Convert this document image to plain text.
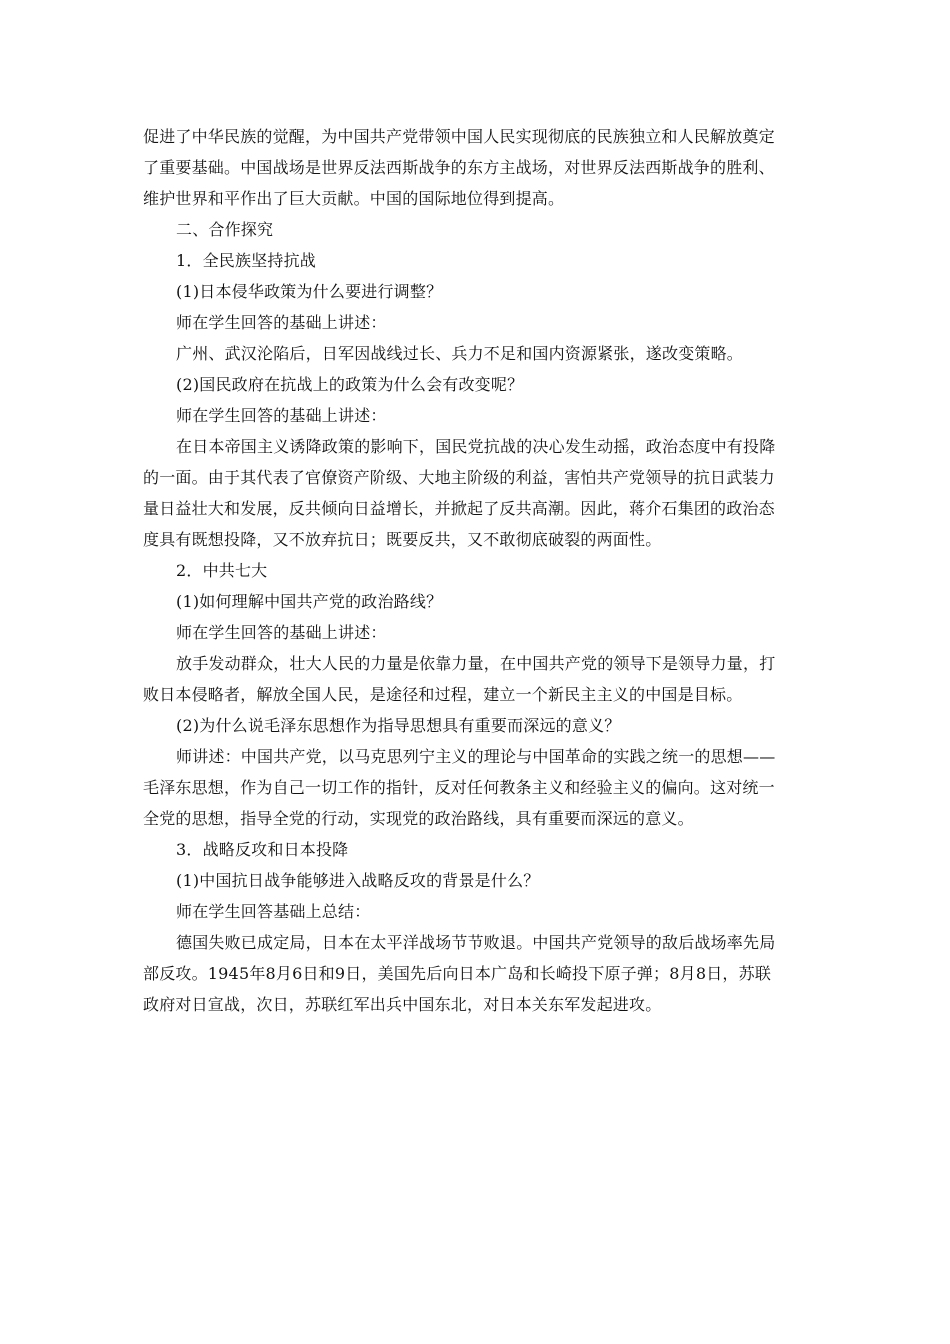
促进了中华民族的觉醒，为中国共产党带领中国人民实现彻底的民族独立和人民解放奠定
了重要基础。中国战场是世界反法西斯战争的东方主战场，对世界反法西斯战争的胜利、
维护世界和平作出了巨大贡献。中国的国际地位得到提高。
二、合作探究
1．全民族坚持抗战
(1)日本侵华政策为什么要进行调整？
师在学生回答的基础上讲述：
广州、武汉沦陷后，日军因战线过长、兵力不足和国内资源紧张，遂改变策略。
(2)国民政府在抗战上的政策为什么会有改变呢？
师在学生回答的基础上讲述：
在日本帝国主义诱降政策的影响下，国民党抗战的决心发生动摇，政治态度中有投降
的一面。由于其代表了官僚资产阶级、大地主阶级的利益，害怕共产党领导的抗日武装力
量日益壮大和发展，反共倾向日益增长，并掀起了反共高潮。因此，蒋介石集团的政治态
度具有既想投降，又不放弃抗日；既要反共，又不敢彻底破裂的两面性。
2．中共七大
(1)如何理解中国共产党的政治路线？
师在学生回答的基础上讲述：
放手发动群众，壮大人民的力量是依靠力量，在中国共产党的领导下是领导力量，打
败日本侵略者，解放全国人民，是途径和过程，建立一个新民主主义的中国是目标。
(2)为什么说毛泽东思想作为指导思想具有重要而深远的意义？
师讲述：中国共产党，以马克思列宁主义的理论与中国革命的实践之统一的思想——
毛泽东思想，作为自己一切工作的指针，反对任何教条主义和经验主义的偏向。这对统一
全党的思想，指导全党的行动，实现党的政治路线，具有重要而深远的意义。
3．战略反攻和日本投降
(1)中国抗日战争能够进入战略反攻的背景是什么？
师在学生回答基础上总结：
德国失败已成定局，日本在太平洋战场节节败退。中国共产党领导的敌后战场率先局
部反攻。1945年8月6日和9日，美国先后向日本广岛和长崎投下原子弹；8月8日，苏联
政府对日宣战，次日，苏联红军出兵中国东北，对日本关东军发起进攻。
